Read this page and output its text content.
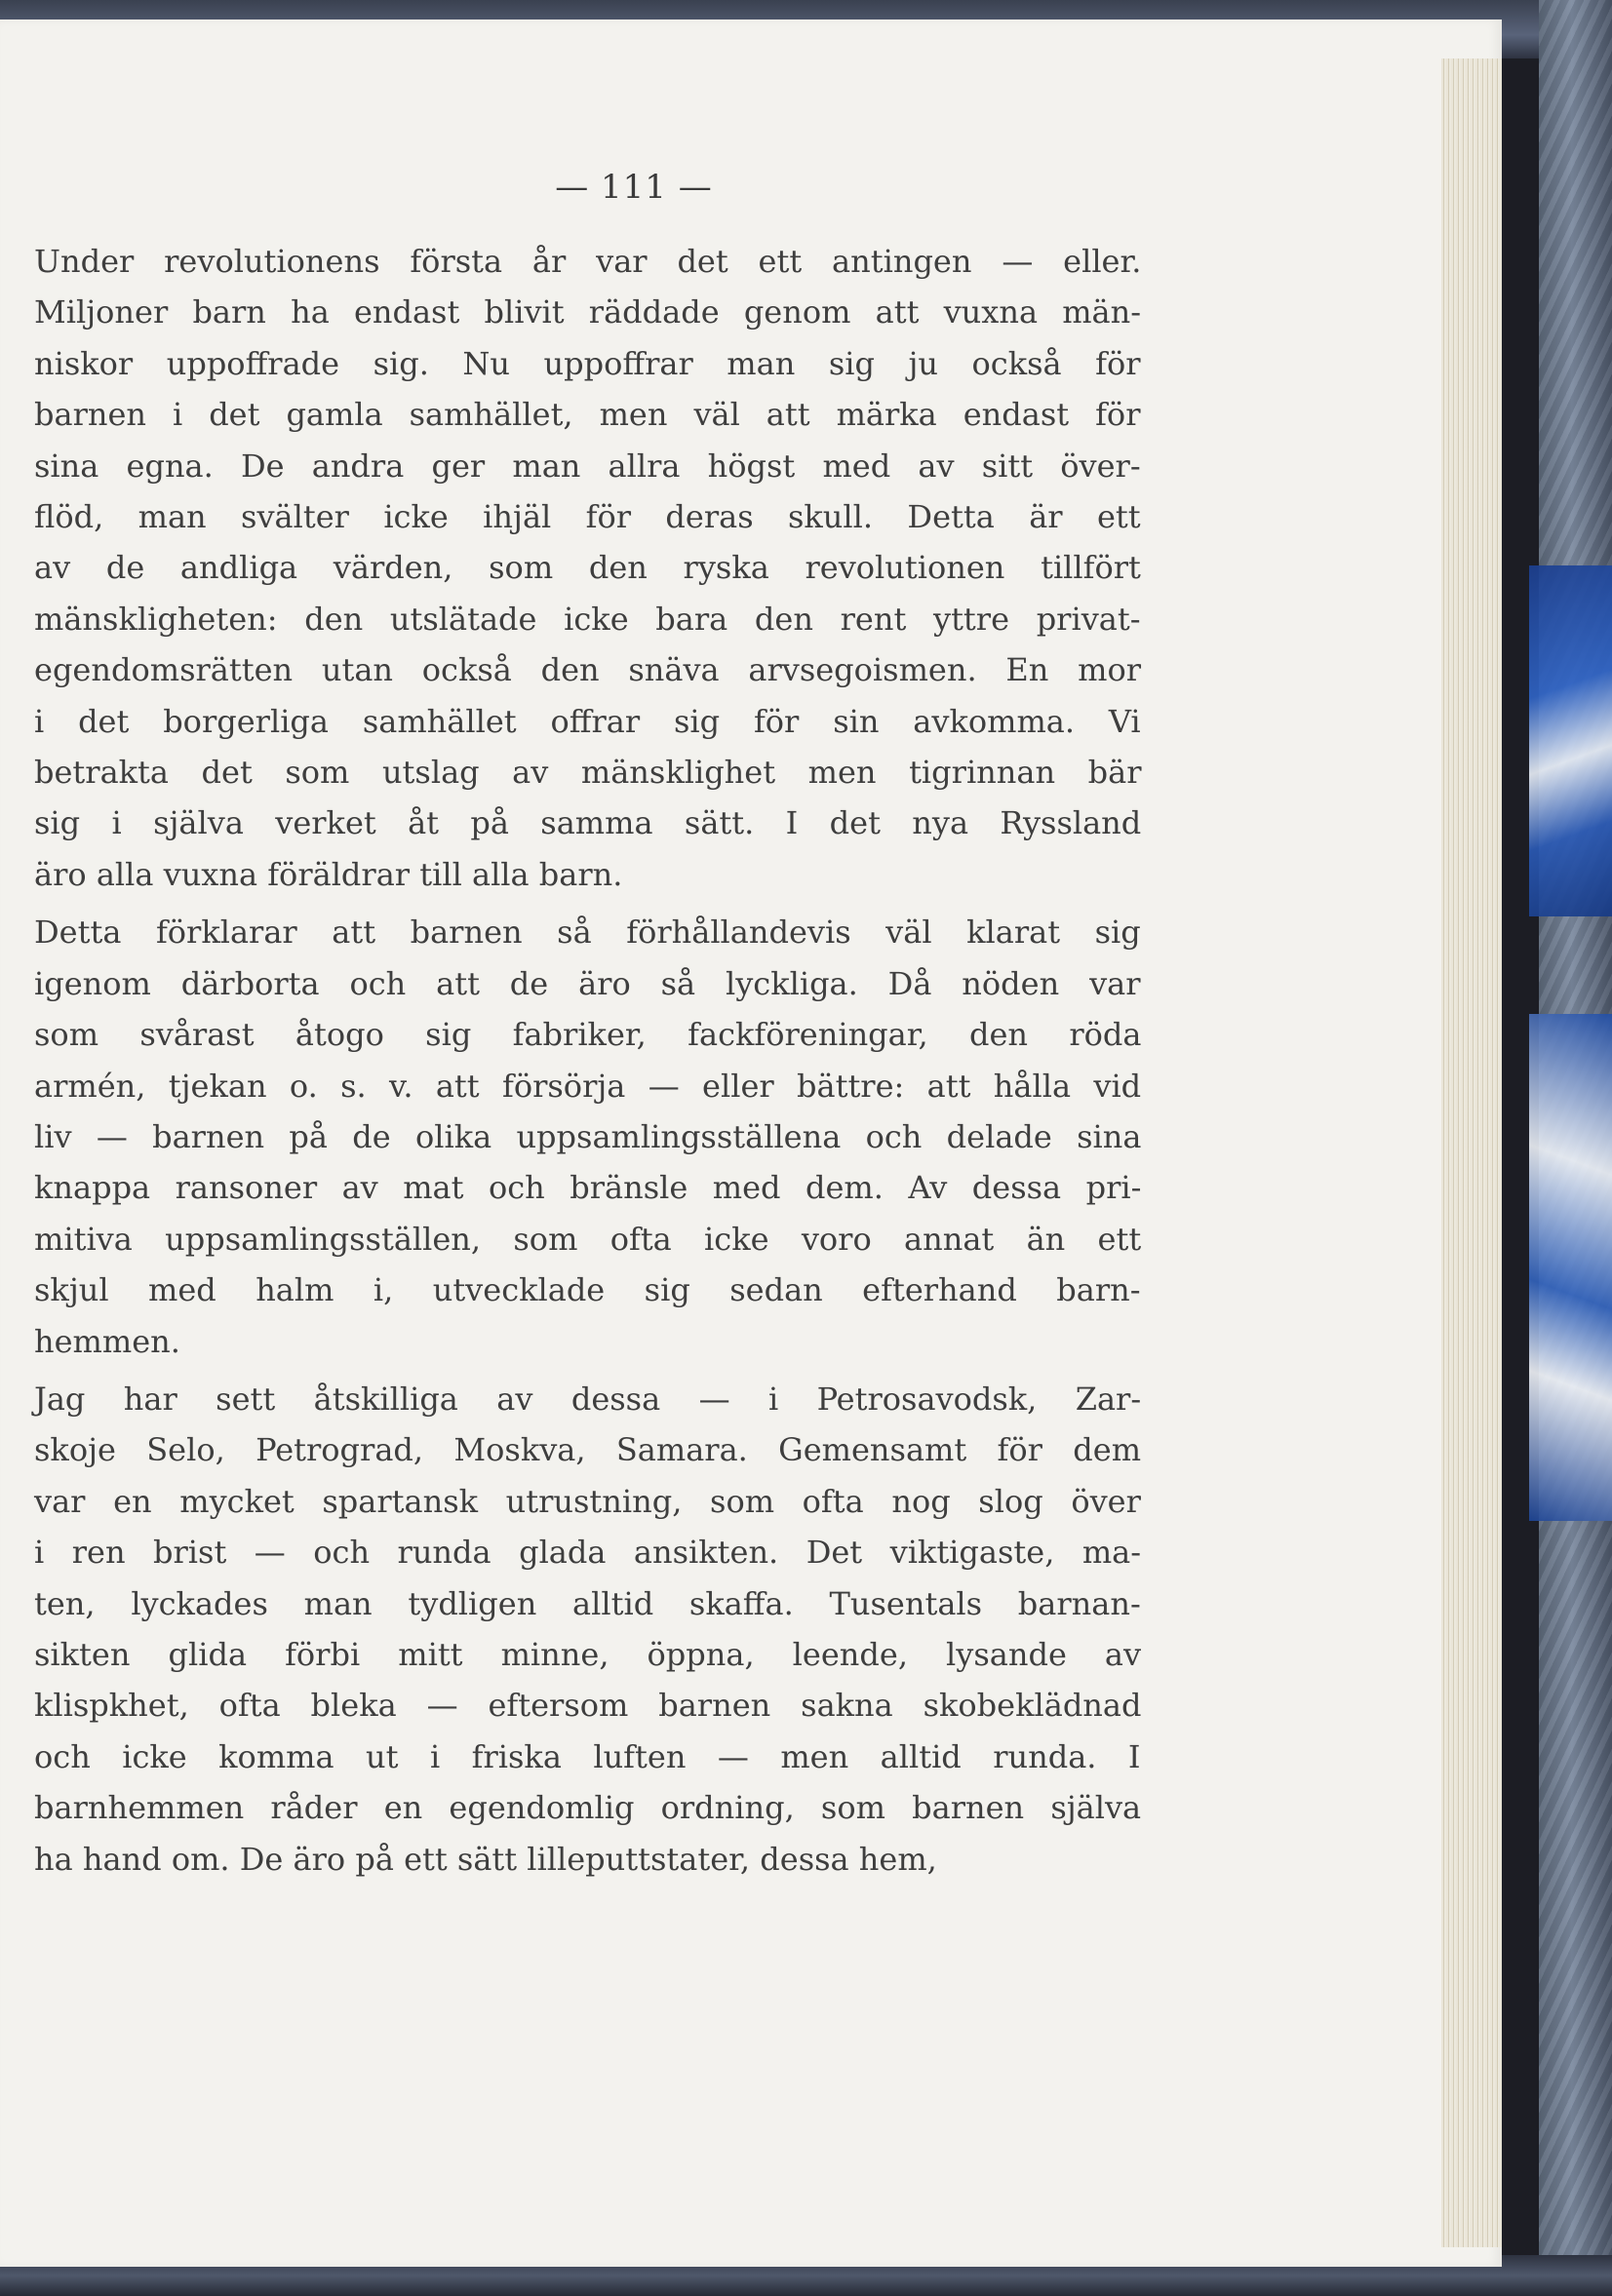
— 111 —

Under revolutionens första år var det ett antingen — eller.
Miljoner barn ha endast blivit räddade genom att vuxna män-
niskor uppoffrade sig. Nu uppoffrar man sig ju också för
barnen i det gamla samhället, men väl att märka endast för
sina egna. De andra ger man allra högst med av sitt över-
flöd, man svälter icke ihjäl för deras skull. Detta är ett
av de andliga värden, som den ryska revolutionen tillfört
mänskligheten: den utslätade icke bara den rent yttre privat-
egendomsrätten utan också den snäva arvsegoismen. En mor
i det borgerliga samhället offrar sig för sin avkomma. Vi
betrakta det som utslag av mänsklighet men tigrinnan bär
sig i själva verket åt på samma sätt. I det nya Ryssland
äro alla vuxna föräldrar till alla barn.

Detta förklarar att barnen så förhållandevis väl klarat sig
igenom därborta och att de äro så lyckliga. Då nöden var
som svårast åtogo sig fabriker, fackföreningar, den röda
armén, tjekan o. s. v. att försörja — eller bättre: att hålla vid
liv — barnen på de olika uppsamlingsställena och delade sina
knappa ransoner av mat och bränsle med dem. Av dessa pri-
mitiva uppsamlingsställen, som ofta icke voro annat än ett
skjul med halm i, utvecklade sig sedan efterhand barn-
hemmen.

Jag har sett åtskilliga av dessa — i Petrosavodsk, Zar-
skoje Selo, Petrograd, Moskva, Samara. Gemensamt för dem
var en mycket spartansk utrustning, som ofta nog slog över
i ren brist — och runda glada ansikten. Det viktigaste, ma-
ten, lyckades man tydligen alltid skaffa. Tusentals barnan-
sikten glida förbi mitt minne, öppna, leende, lysande av
klispkhet, ofta bleka — eftersom barnen sakna skobeklädnad
och icke komma ut i friska luften — men alltid runda. I
barnhemmen råder en egendomlig ordning, som barnen själva
ha hand om. De äro på ett sätt lilleputtstater, dessa hem,
